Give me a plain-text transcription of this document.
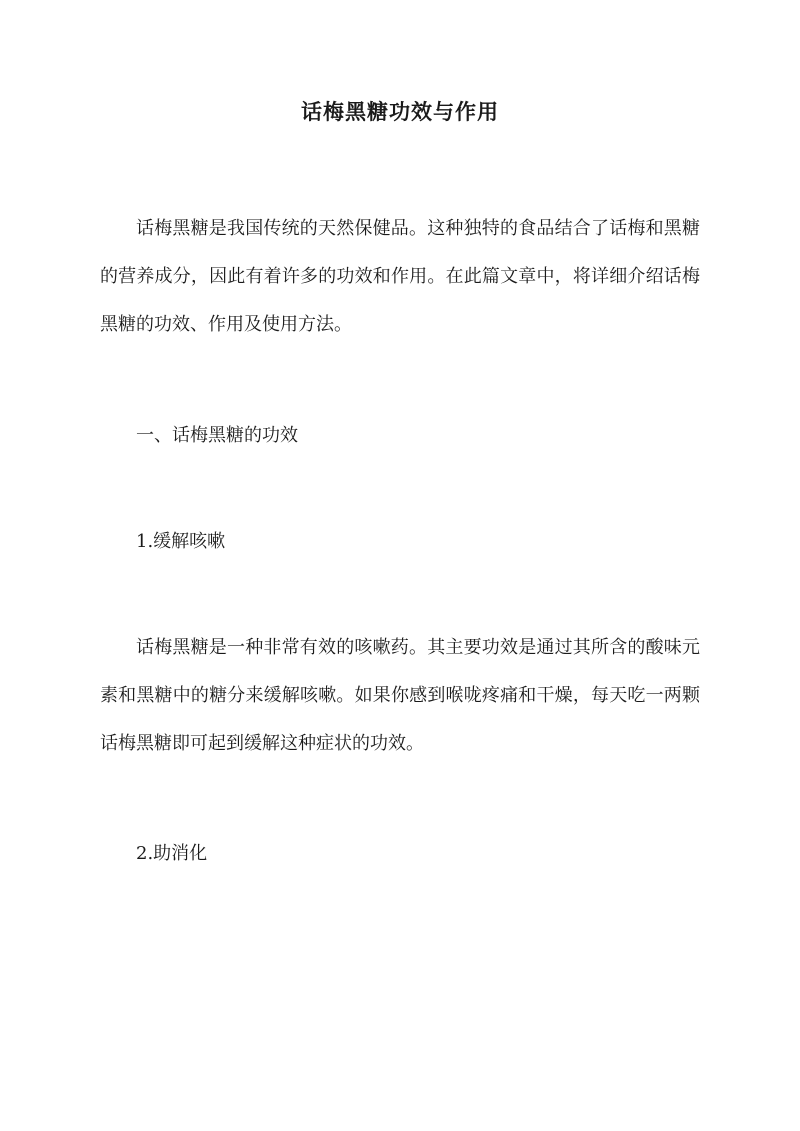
话梅黑糖功效与作用

话梅黑糖是我国传统的天然保健品。这种独特的食品结合了话梅和黑糖的营养成分，因此有着许多的功效和作用。在此篇文章中，将详细介绍话梅黑糖的功效、作用及使用方法。

一、话梅黑糖的功效

1.缓解咳嗽

话梅黑糖是一种非常有效的咳嗽药。其主要功效是通过其所含的酸味元素和黑糖中的糖分来缓解咳嗽。如果你感到喉咙疼痛和干燥，每天吃一两颗话梅黑糖即可起到缓解这种症状的功效。

2.助消化
